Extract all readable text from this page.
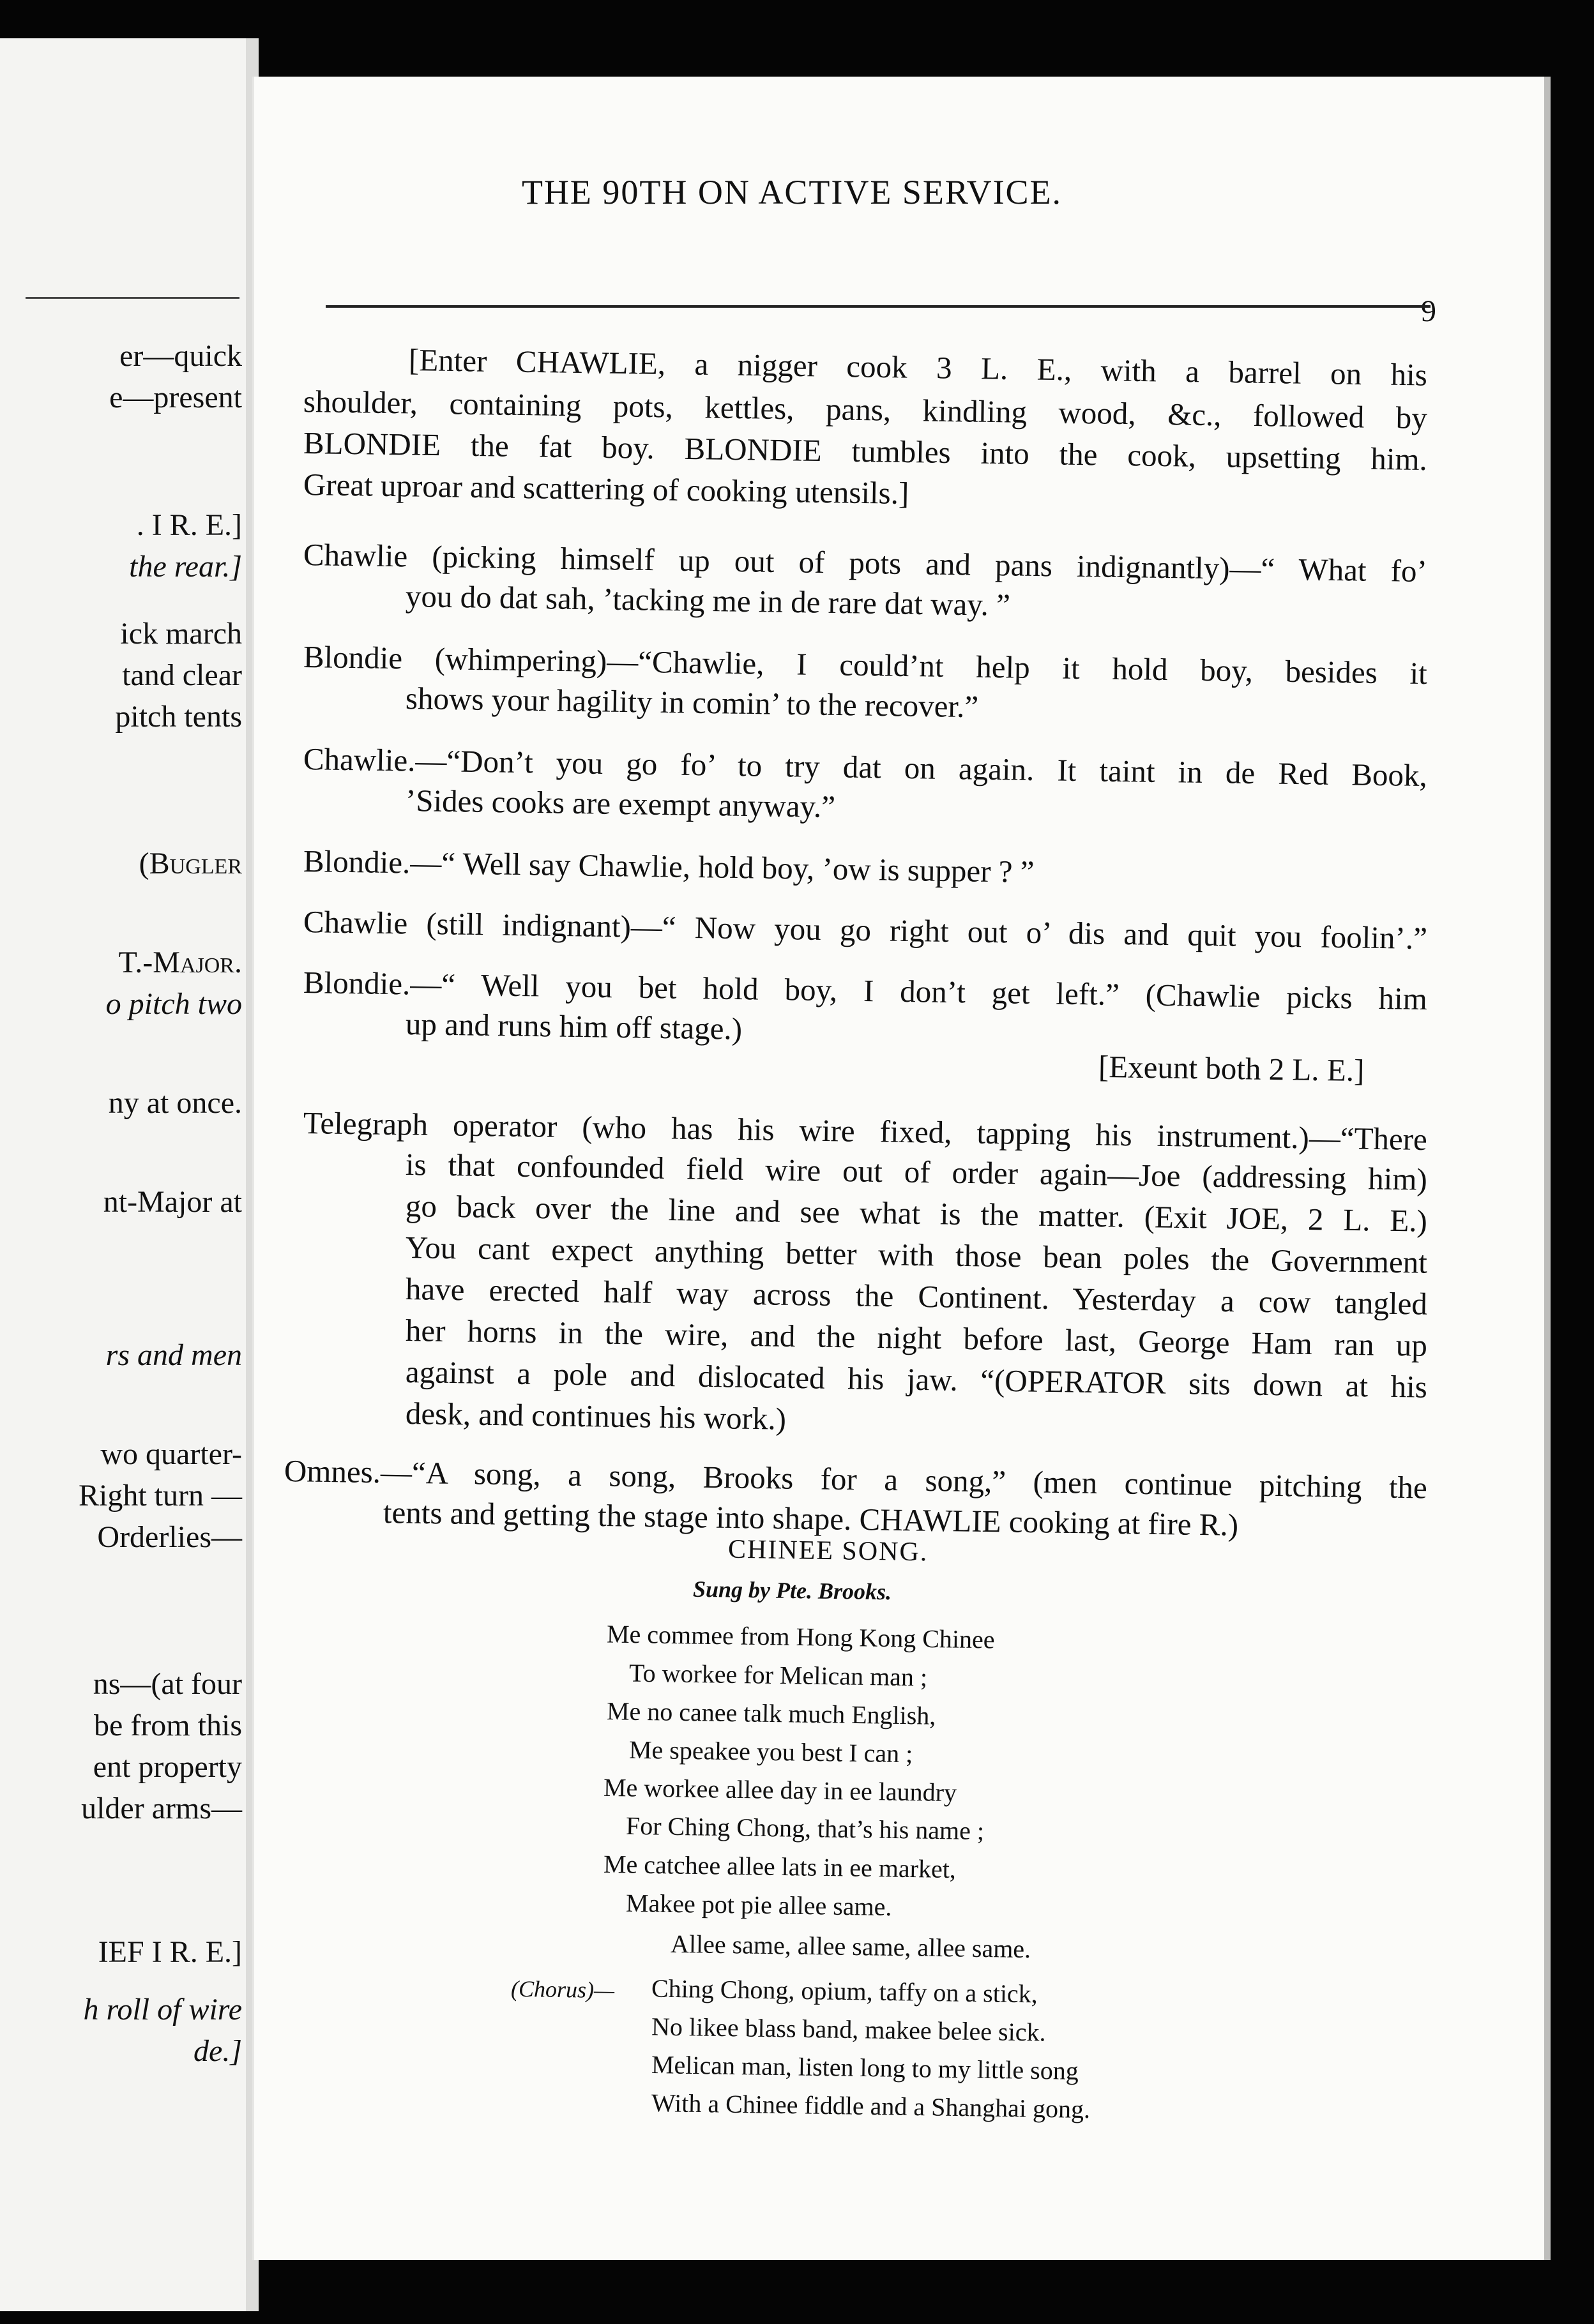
er—quick
e—present
. I R. E.]
the rear.]
ick march
tand clear
pitch tents
(Bugler
T.-Major.
o pitch two
ny at once.
nt-Major at
rs and men
wo quarter-
Right turn —
Orderlies—
ns—(at four
be from this
ent property
ulder arms—
IEF I R. E.]
h roll of wire
de.]
THE 90TH ON ACTIVE SERVICE.
9
[Enter CHAWLIE, a nigger cook 3 L. E., with a barrel on his
shoulder, containing pots, kettles, pans, kindling wood, &c., followed by
BLONDIE the fat boy. BLONDIE tumbles into the cook, upsetting him.
Great uproar and scattering of cooking utensils.]
Chawlie (picking himself up out of pots and pans indignantly)—“ What fo’
you do dat sah, ’tacking me in de rare dat way. ”
Blondie (whimpering)—“Chawlie, I could’nt help it hold boy, besides it
shows your hagility in comin’ to the recover.”
Chawlie.—“Don’t you go fo’ to try dat on again. It taint in de Red Book,
’Sides cooks are exempt anyway.”
Blondie.—“ Well say Chawlie, hold boy, ’ow is supper ? ”
Chawlie (still indignant)—“ Now you go right out o’ dis and quit you foolin’.”
Blondie.—“ Well you bet hold boy, I don’t get left.” (Chawlie picks him
up and runs him off stage.)
[Exeunt both 2 L. E.]
Telegraph operator (who has his wire fixed, tapping his instrument.)—“There
is that confounded field wire out of order again—Joe (addressing him)
go back over the line and see what is the matter. (Exit JOE, 2 L. E.)
You cant expect anything better with those bean poles the Government
have erected half way across the Continent. Yesterday a cow tangled
her horns in the wire, and the night before last, George Ham ran up
against a pole and dislocated his jaw. “(OPERATOR sits down at his
desk, and continues his work.)
Omnes.—“A song, a song, Brooks for a song,” (men continue pitching the
tents and getting the stage into shape. CHAWLIE cooking at fire R.)
CHINEE SONG.
Sung by Pte. Brooks.
Me commee from Hong Kong Chinee
To workee for Melican man ;
Me no canee talk much English,
Me speakee you best I can ;
Me workee allee day in ee laundry
For Ching Chong, that’s his name ;
Me catchee allee lats in ee market,
Makee pot pie allee same.
Allee same, allee same, allee same.
(Chorus)— Ching Chong, opium, taffy on a stick,
No likee blass band, makee belee sick.
Melican man, listen long to my little song
With a Chinee fiddle and a Shanghai gong.
